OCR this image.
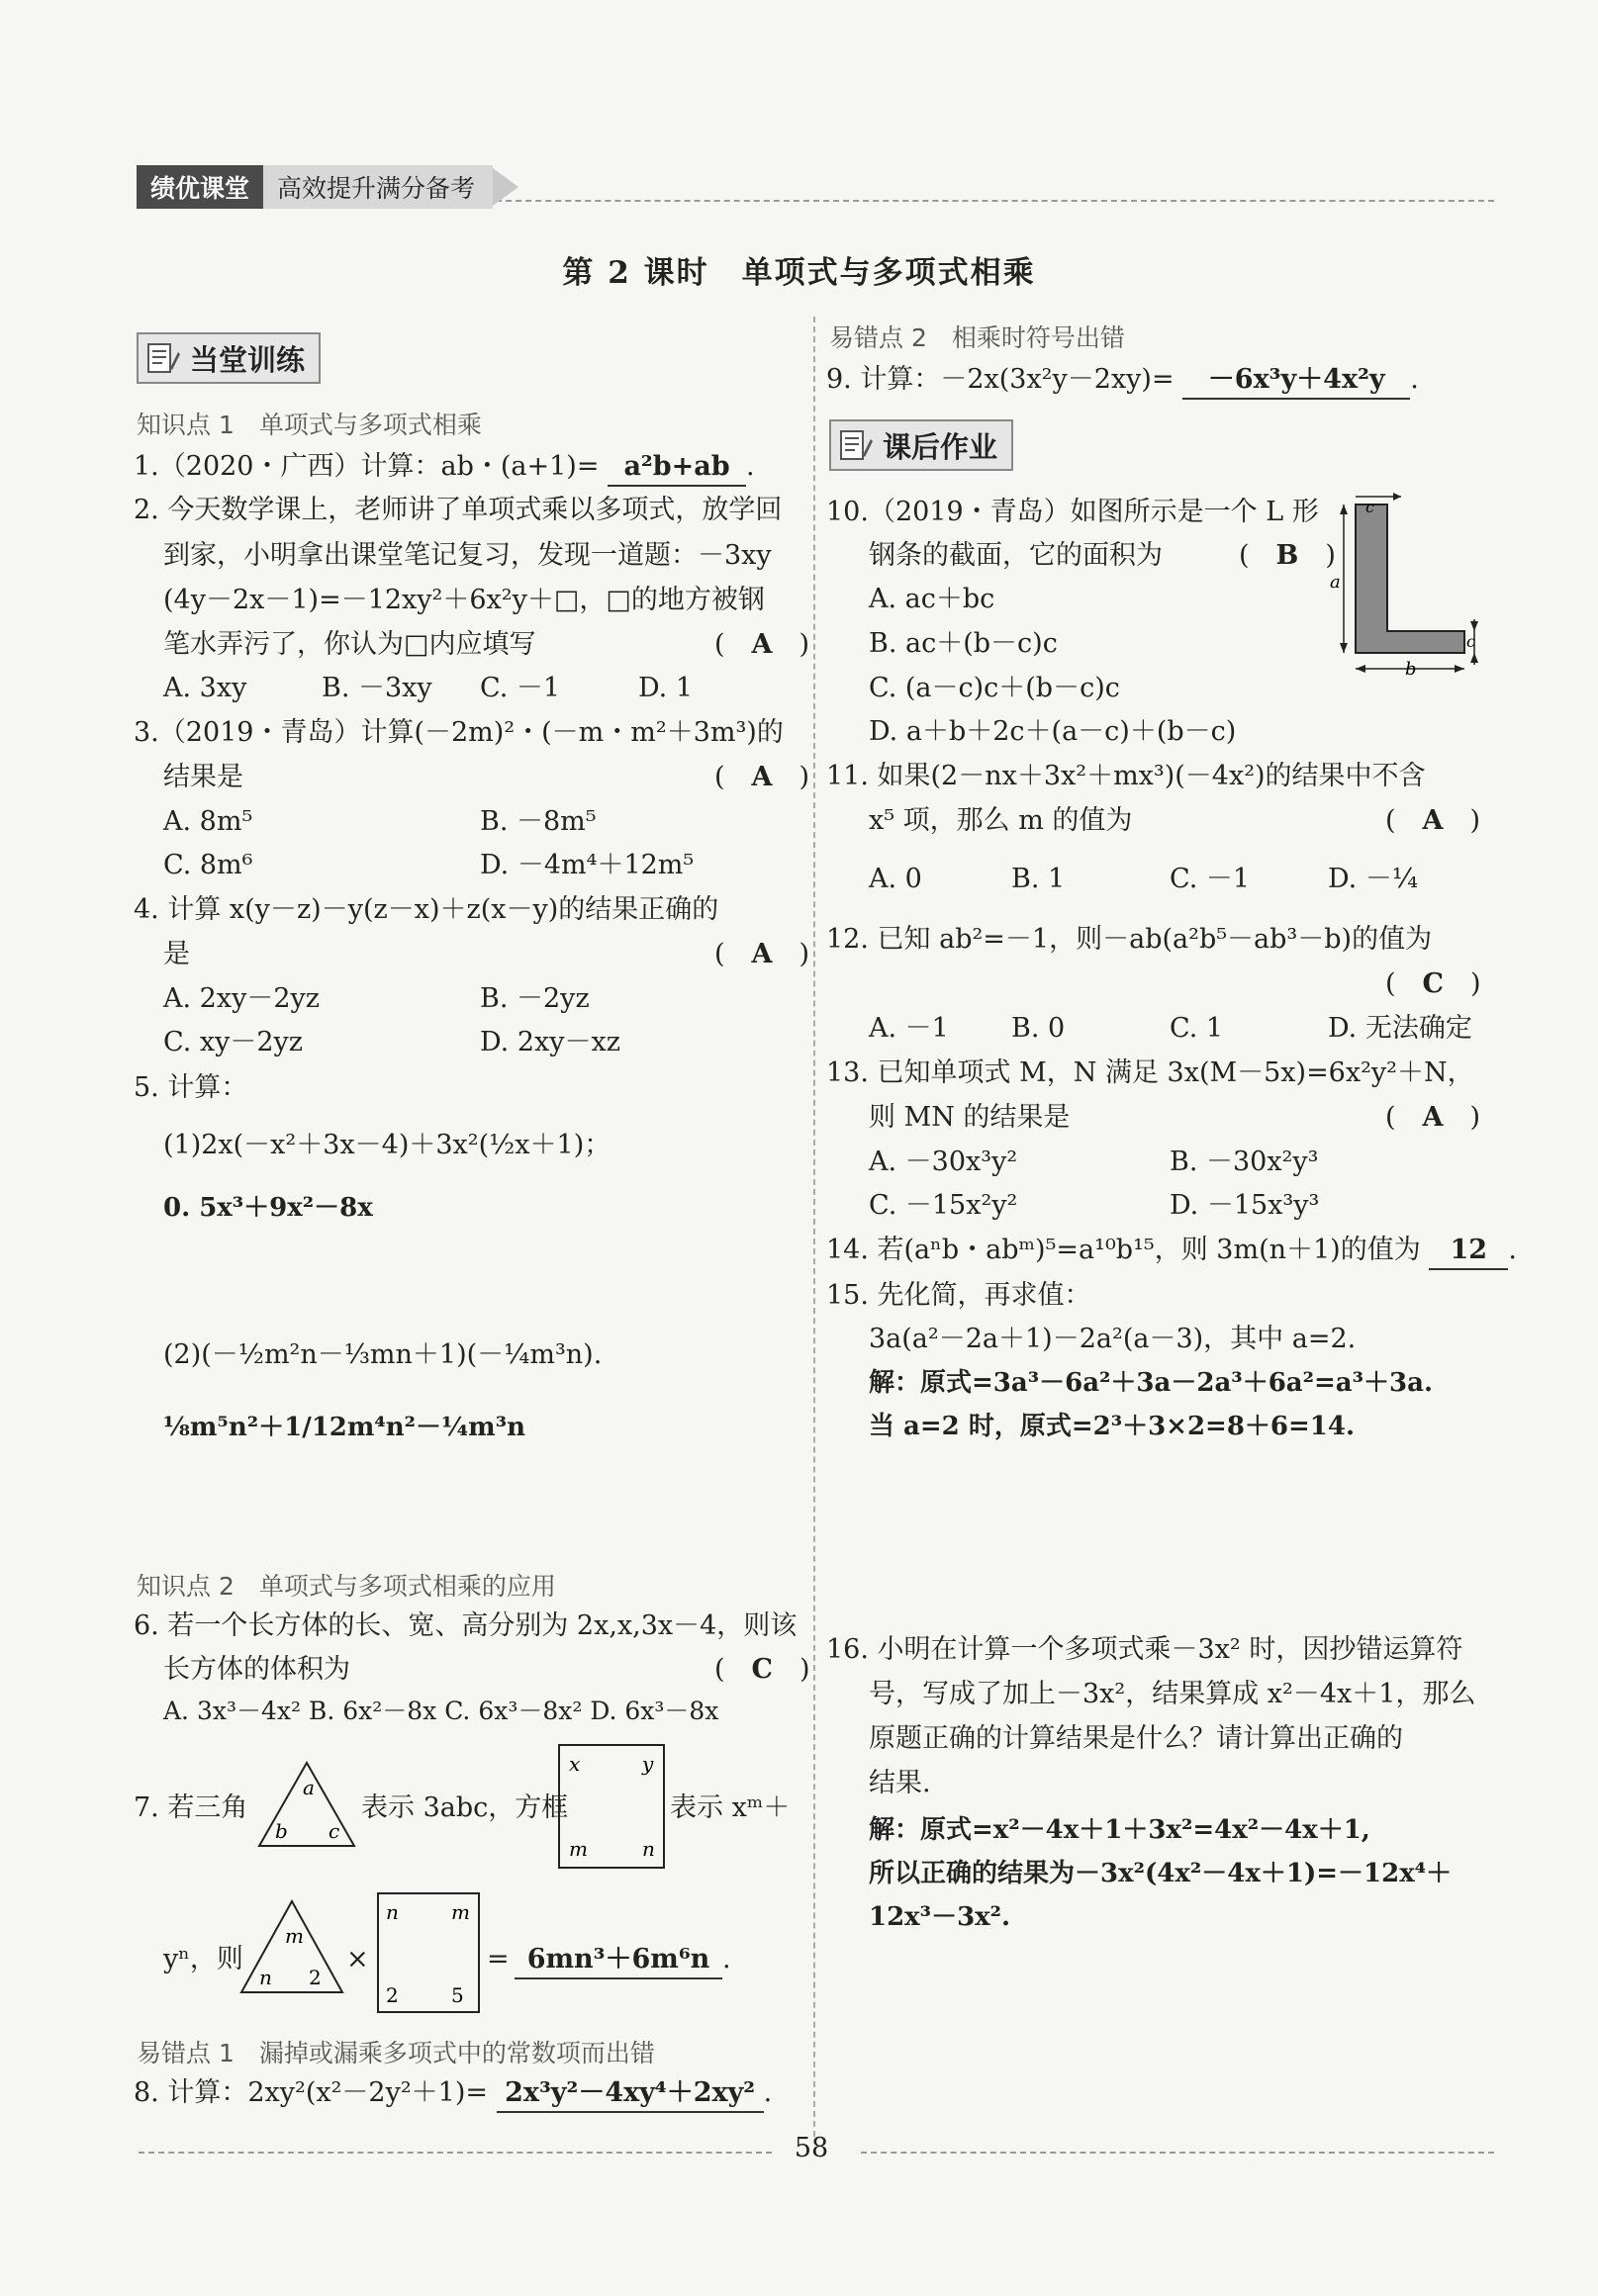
绩优课堂	高效提升满分备考
第 2 课时　单项式与多项式相乘
当堂训练
知识点 1　单项式与多项式相乘
1.（2020・广西）计算：ab・(a+1)= a²b+ab .
2. 今天数学课上，老师讲了单项式乘以多项式，放学回
到家，小明拿出课堂笔记复习，发现一道题：－3xy
(4y－2x－1)=－12xy²＋6x²y＋□，□的地方被钢
笔水弄污了，你认为□内应填写	(　A　)
A. 3xy	B. －3xy C. －1	D. 1
3.（2019・青岛）计算(－2m)²・(－m・m²＋3m³)的
结果是	(　A　)
A. 8m⁵	B. －8m⁵
C. 8m⁶	D. －4m⁴＋12m⁵
4. 计算 x(y－z)－y(z－x)＋z(x－y)的结果正确的
是	(　A　)
A. 2xy－2yz	B. －2yz
C. xy－2yz	D. 2xy－xz
5. 计算：
(1)2x(－x²＋3x－4)＋3x²(½x＋1)；
0. 5x³＋9x²－8x
(2)(－½m²n－⅓mn＋1)(－¼m³n).
⅛m⁵n²＋1/12m⁴n²－¼m³n
知识点 2　单项式与多项式相乘的应用
6. 若一个长方体的长、宽、高分别为 2x,x,3x－4，则该
长方体的体积为	(　C　)
A. 3x³－4x² B. 6x²－8x C. 6x³－8x² D. 6x³－8x
7. 若三角
a
b c
表示 3abc，方框
x	y
m	n
表示 xᵐ＋
yⁿ，则
m
n 2
×
n	m
2	5
= 6mn³＋6m⁶n .
易错点 1　漏掉或漏乘多项式中的常数项而出错
8. 计算：2xy²(x²－2y²＋1)= 2x³y²－4xy⁴＋2xy² .
易错点 2　相乘时符号出错
9. 计算：－2x(3x²y－2xy)= －6x³y＋4x²y .
课后作业
10.（2019・青岛）如图所示是一个 L 形
钢条的截面，它的面积为	(　B　)
A. ac＋bc
B. ac＋(b－c)c
C. (a－c)c＋(b－c)c
D. a＋b＋2c＋(a－c)＋(b－c)
a
c
b
c
11. 如果(2－nx＋3x²＋mx³)(－4x²)的结果中不含
x⁵ 项，那么 m 的值为	(　A　)
A. 0	B. 1	C. －1	D. －¼
12. 已知 ab²=－1，则－ab(a²b⁵－ab³－b)的值为
(　C　)
A. －1 B. 0	C. 1	D. 无法确定
13. 已知单项式 M，N 满足 3x(M－5x)=6x²y²＋N，
则 MN 的结果是	(　A　)
A. －30x³y²	B. －30x²y³
C. －15x²y²	D. －15x³y³
14. 若(aⁿb・abᵐ)⁵=a¹⁰b¹⁵，则 3m(n＋1)的值为 12 .
15. 先化简，再求值：
3a(a²－2a＋1)－2a²(a－3)，其中 a=2.
解：原式=3a³－6a²＋3a－2a³＋6a²=a³＋3a.
当 a=2 时，原式=2³＋3×2=8＋6=14.
16. 小明在计算一个多项式乘－3x² 时，因抄错运算符
号，写成了加上－3x²，结果算成 x²－4x＋1，那么
原题正确的计算结果是什么？请计算出正确的
结果.
解：原式=x²－4x＋1＋3x²=4x²－4x＋1,
所以正确的结果为－3x²(4x²－4x＋1)=－12x⁴＋
12x³－3x².
58
